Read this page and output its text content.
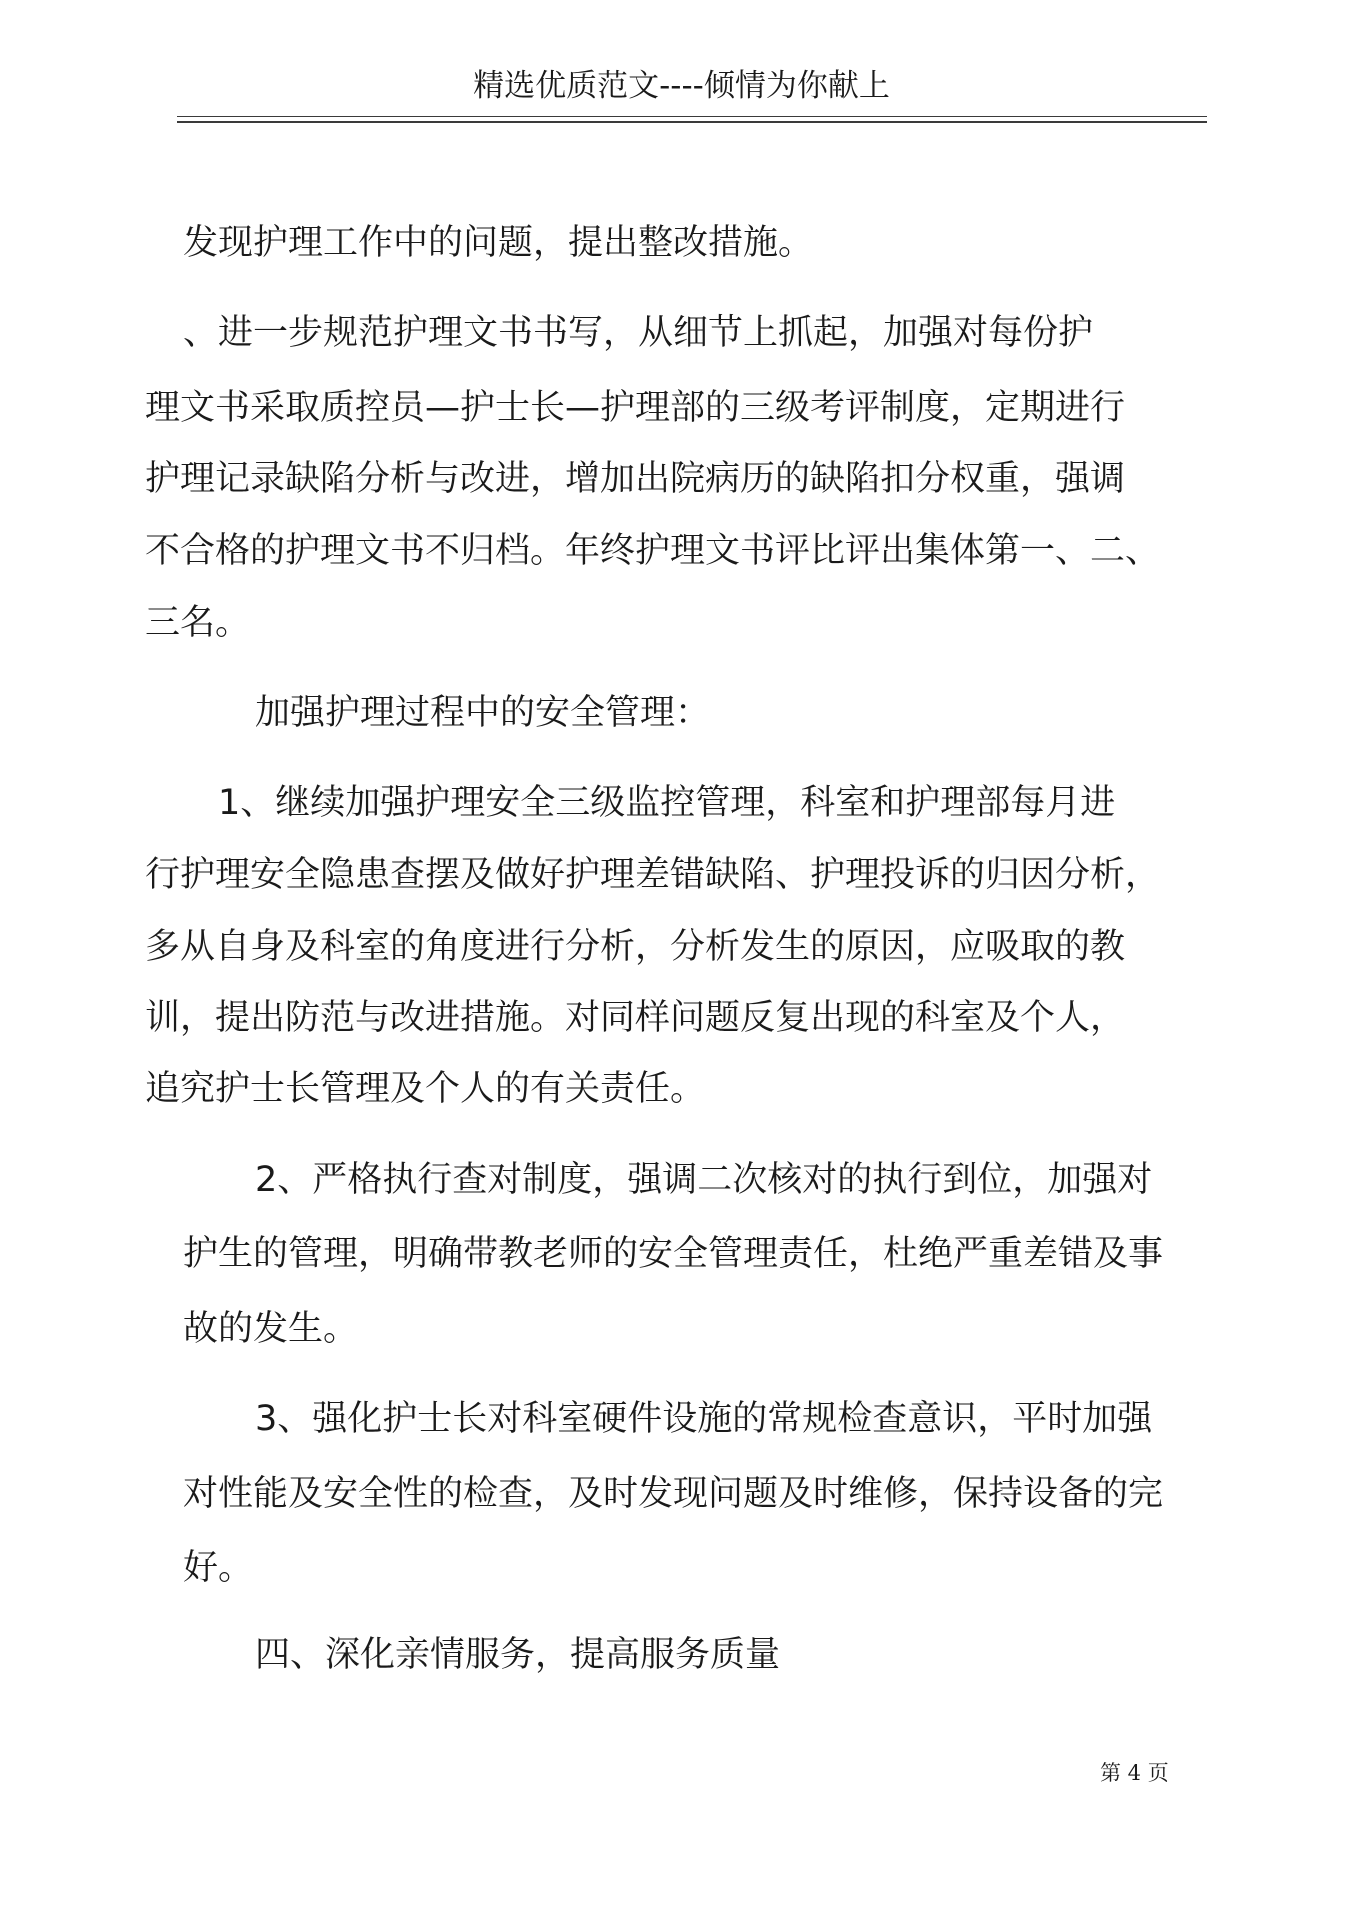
精选优质范文----倾情为你献上
发现护理工作中的问题，提出整改措施。
、进一步规范护理文书书写，从细节上抓起，加强对每份护
理文书采取质控员—护士长—护理部的三级考评制度，定期进行
护理记录缺陷分析与改进，增加出院病历的缺陷扣分权重，强调
不合格的护理文书不归档。年终护理文书评比评出集体第一、二、
三名。
加强护理过程中的安全管理：
1、继续加强护理安全三级监控管理，科室和护理部每月进
行护理安全隐患查摆及做好护理差错缺陷、护理投诉的归因分析，
多从自身及科室的角度进行分析，分析发生的原因，应吸取的教
训，提出防范与改进措施。对同样问题反复出现的科室及个人，
追究护士长管理及个人的有关责任。
2、严格执行查对制度，强调二次核对的执行到位，加强对
护生的管理，明确带教老师的安全管理责任，杜绝严重差错及事
故的发生。
3、强化护士长对科室硬件设施的常规检查意识，平时加强
对性能及安全性的检查，及时发现问题及时维修，保持设备的完
好。
四、深化亲情服务，提高服务质量
第 4 页
